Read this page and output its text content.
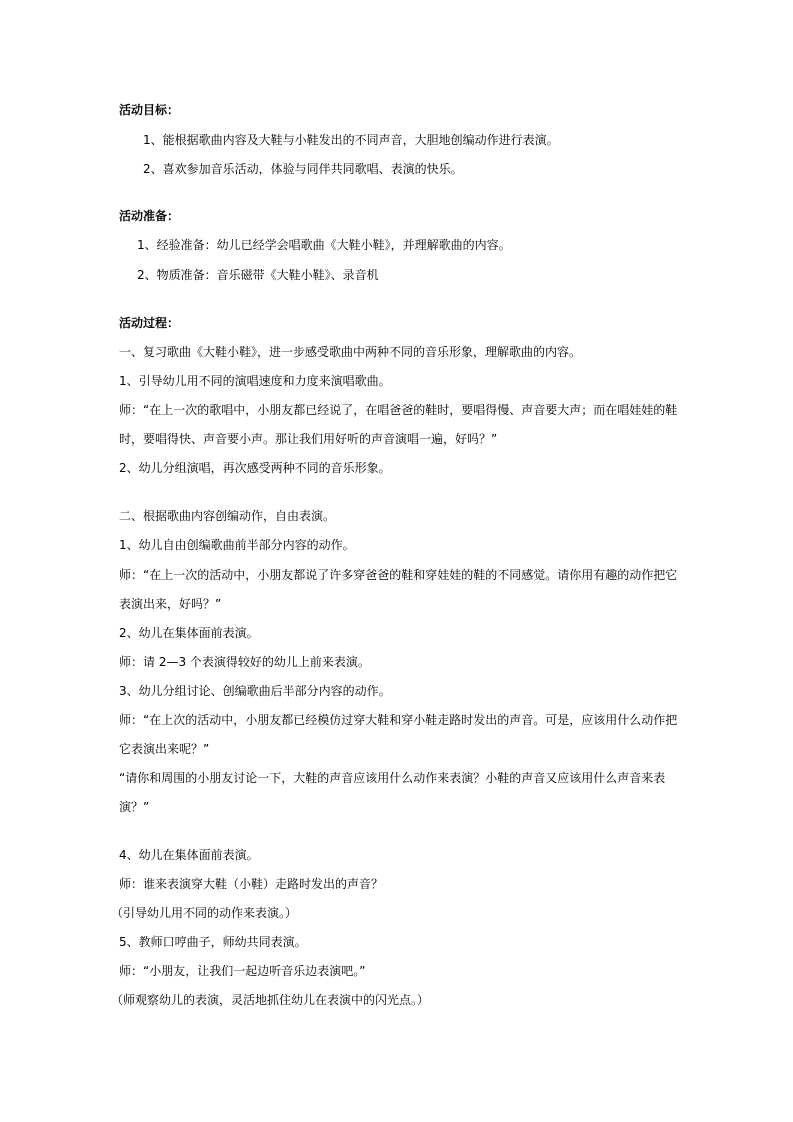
活动目标：
1、能根据歌曲内容及大鞋与小鞋发出的不同声音，大胆地创编动作进行表演。
2、喜欢参加音乐活动，体验与同伴共同歌唱、表演的快乐。
活动准备：
1、经验准备：幼儿已经学会唱歌曲《大鞋小鞋》，并理解歌曲的内容。
2、物质准备：音乐磁带《大鞋小鞋》、录音机
活动过程：
一、复习歌曲《大鞋小鞋》，进一步感受歌曲中两种不同的音乐形象，理解歌曲的内容。
1、引导幼儿用不同的演唱速度和力度来演唱歌曲。
师：“在上一次的歌唱中，小朋友都已经说了，在唱爸爸的鞋时，要唱得慢、声音要大声；而在唱娃娃的鞋
时，要唱得快、声音要小声。那让我们用好听的声音演唱一遍，好吗？”
2、幼儿分组演唱，再次感受两种不同的音乐形象。
二、根据歌曲内容创编动作，自由表演。
1、幼儿自由创编歌曲前半部分内容的动作。
师：“在上一次的活动中，小朋友都说了许多穿爸爸的鞋和穿娃娃的鞋的不同感觉。请你用有趣的动作把它
表演出来，好吗？”
2、幼儿在集体面前表演。
师：请 2—3 个表演得较好的幼儿上前来表演。
3、幼儿分组讨论、创编歌曲后半部分内容的动作。
师：“在上次的活动中，小朋友都已经模仿过穿大鞋和穿小鞋走路时发出的声音。可是，应该用什么动作把
它表演出来呢？”
“请你和周围的小朋友讨论一下，大鞋的声音应该用什么动作来表演？小鞋的声音又应该用什么声音来表
演？”
4、幼儿在集体面前表演。
师：谁来表演穿大鞋（小鞋）走路时发出的声音？
（引导幼儿用不同的动作来表演。）
5、教师口哼曲子，师幼共同表演。
师：“小朋友，让我们一起边听音乐边表演吧。”
（师观察幼儿的表演，灵活地抓住幼儿在表演中的闪光点。）
